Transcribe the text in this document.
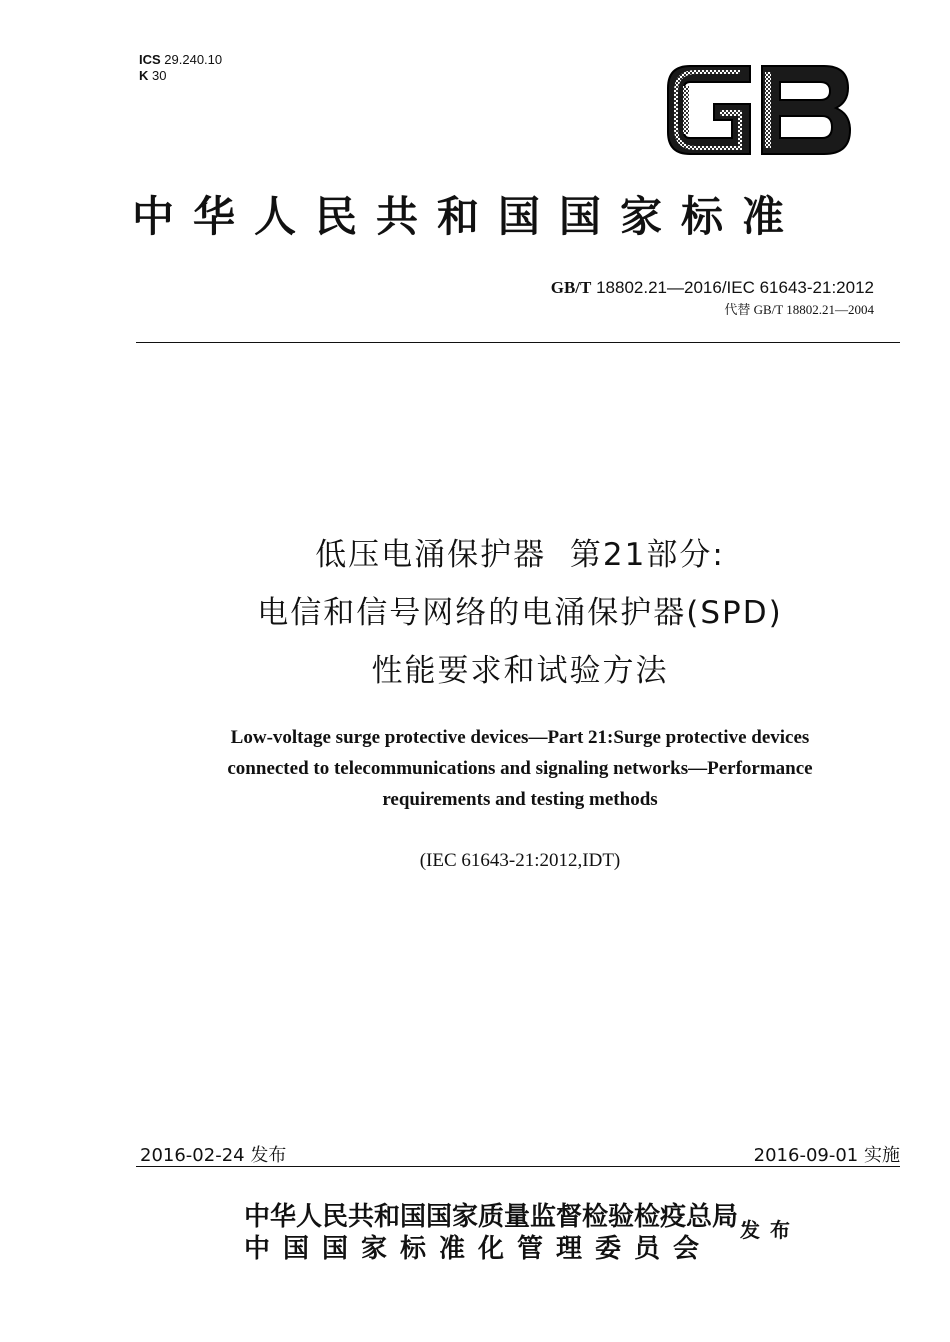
ICS 29.240.10
K 30
GB
中华人民共和国国家标准
GB/T 18802.21—2016/IEC 61643-21:2012
代替 GB/T 18802.21—2004
低压电涌保护器  第21部分:
电信和信号网络的电涌保护器(SPD)
性能要求和试验方法
Low-voltage surge protective devices—Part 21:Surge protective devices
connected to telecommunications and signaling networks—Performance
requirements and testing methods
(IEC 61643-21:2012,IDT)
2016-02-24 发布	2016-09-01 实施
中华人民共和国国家质量监督检验检疫总局
中国国家标准化管理委员会
发布
